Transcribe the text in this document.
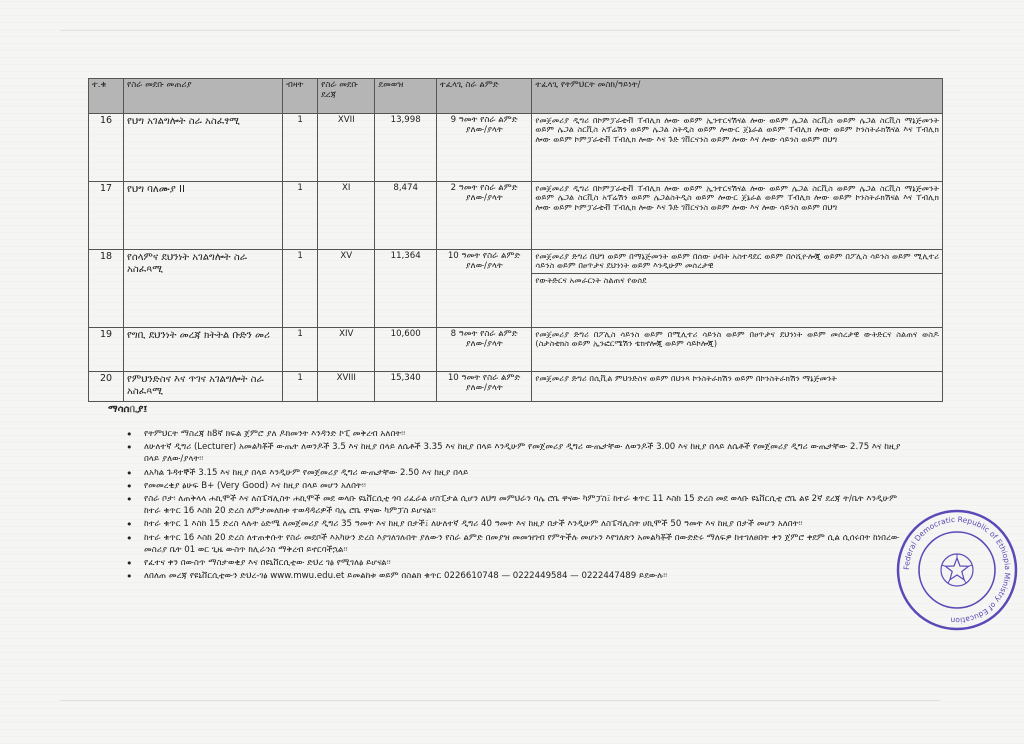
ተ.ቁ	የስራ መደቡ መጠሪያ	ብዛት	የስራ መደቡ ደረጃ	ደመወዝ	ተፈላጊ ስራ ልምድ	ተፈላጊ የትምህርት መስክ/ዓይነት/
16	የህግ አገልግሎት ስራ አስፈፃሚ	1	XVII	13,998	9 ዓመት የስራ ልምድ ያለው/ያላት	የመጀመሪያ ዲግሪ በኮምፓራቲቭ ፐብሊክ ሎው ወይም ኢንተርናሽናል ሎው ወይም ሌጋል ስርቪስ ወይም ሌጋል ስርቪስ ማኔጅመንት ወይም ሌጋል ስርቪስ አፕሬሽን ወይም ሌጋል ስትዲስ ወይም ሎውር ጀኔራል ወይም ፐብሊክ ሎው ወይም ኮንስትራክሽናል እና ፐብሊክ ሎው ወይም ኮምፓራቲቭ ፐብሊክ ሎው እና ጉድ ገቨርናንስ ወይም ሎው እና ሎው ሳይንስ ወይም በህግ
17	የህግ ባለሙያ II	1	XI	8,474	2 ዓመት የስራ ልምድ ያለው/ያላት	የመጀመሪያ ዲግሪ በኮምፓራቲቭ ፐብሊክ ሎው ወይም ኢንተርናሽናል ሎው ወይም ሌጋል ስርቪስ ወይም ሌጋል ስርቪስ ማኔጅመንት ወይም ሌጋል ስርቪስ አፕሬሽን ወይም ሌጋልስትዲስ ወይም ሎውር ጀኔራል ወይም ፐብሊክ ሎው ወይም ኮንስትራክሽናል እና ፐብሊክ ሎው ወይም ኮምፓራቲቭ ፐብሊክ ሎው እና ጉድ ገቨርናንስ ወይም ሎው እና ሎው ሳይንስ ወይም በህግ
18	የሰላምና ደህንነት አገልግሎት ስራ አስፈጻሚ	1	XV	11,364	10 ዓመት የስራ ልምድ ያለው/ያላት	የመጀመሪያ ድግሪ በህግ ወይም በማኔጅመንት ወይም በሰው ሀብት አስተዳደር ወይም በሶሺዮሎጂ ወይም በፖሊስ ሳይንስ ወይም ሚሊተሪ ሳይንስ ወይም በፀጥታና ደህንነት ወይም እንዲሁም መሰረታዊ
የውትድርና አመራርነት ስልጠና የወሰደ

19	የግቢ ደህንነት መረጃ ክትትል ቡድን መሪ	1	XIV	10,600	8 ዓመት የስራ ልምድ ያለው/ያላት	የመጀመሪያ ድግሪ በፖሊስ ሳይንስ ወይም በሚሊተሪ ሳይንስ ወይም በፀጥታና ደህንነት ወይም መሰረታዊ ውትድርና ስልጠና ወስዶ (ስታስቲክስ ወይም ኢንፎርሜሽን ቴክኖሎጂ ወይም ሳይኮሎጂ)
20	የምህንድስና እና ጥገና አገልግሎት ስራ አስፈጻሚ	1	XVIII	15,340	10 ዓመት የስራ ልምድ ያለው/ያላት	የመጀመሪያ ድግሪ በሲቪል ምህንድስና ወይም በህንጻ ኮንስትራክሽን ወይም በኮንስትራክሽን ማኔጅመንት
ማሳሰቢያ፤
• የትምህርት ማስረጃ ከ8ኛ ክፍል ጀምሮ ያለ ዶክመንት እንዳንድ ኮፒ መቅረብ አለበት፡፡
• ለሁለተኛ ዲግሪ (Lecturer) አመልካቾች ውጤት ለወንዶች 3.5 እና ከዚያ በላይ ለሴቶች 3.35 እና ከዚያ በላይ እንዲሁም የመጀመሪያ ዲግሪ ውጤታቸው ለወንዶች 3.00 እና ከዚያ በላይ ለሴቶች የመጀመሪያ ዲግሪ ውጤታቸው 2.75 እና ከዚያ በላይ ያለው/ያላት፡፡
• ለአካል ጉዳተኞች 3.15 እና ከዚያ በላይ እንዲሁም የመጀመሪያ ዲግሪ ውጤታቸው 2.50 እና ከዚያ በላይ
• የመመረቂያ ፅሁፍ B+ (Very Good) እና ከዚያ በላይ መሆን አለበት፡፡
• የስራ ቦታ፡ ለጠቅላላ ሐኪሞች እና ለስፔሻሊስት ሐኪሞች መደ ወላቡ ዩኒቨርሲቲ ጎባ ሪፈራል ሆስፒታል ሲሆን ለህግ መምህራን ባሌ ሮቤ ዋናው ካምፓስ፤ ከተራ ቁጥር 11 እስከ 15 ድረስ መደ ወላቡ ዩኒቨርሲቲ ሮቤ ልዩ 2ኛ ደረጃ ት/ቤት እንዲሁም ከተራ ቁጥር 16 እስከ 20 ድረስ ለምታመለክቱ ተወዳዳሪዎች ባሌ ሮቤ ዋናው ካምፓስ ይሆናል፡፡
• ከተራ ቁጥር 1 እስከ 15 ድረስ ላሉት ዕድሜ ለመጀመሪያ ዲግሪ 35 ዓመት እና ከዚያ በታች፤ ለሁለተኛ ዲግሪ 40 ዓመት እና ከዚያ በታች እንዲሁም ለስፔሻሊስት ሀኪሞች 50 ዓመት እና ከዚያ በታች መሆን አለበት፡፡
• ከተራ ቁጥር 16 እስከ 20 ድረስ ለተጠቀሱት የስራ መደቦች እአካሁን ድረስ እያገለገሉበት ያለውን የስራ ልምድ በመያዝ መመዝገብ የምትችሉ መሆኑን እየገለጽን አመልካቾች በውድድሩ ማለፍዎ ከተገለፀበት ቀን ጀምሮ ቀደም ሲል ሲሰሩበት ከነበረው መስሪያ ቤት 01 ወር ጊዜ ውስጥ ክሊራንስ ማቅረብ ይኖርባችኋል፡፡
• የፈተና ቀን በውስጥ ማስታወቂያ እና በዩኒቨርሲቲው ድህረ ገፅ የሚገለፅ ይሆናል፡፡
• ለበለጠ መረጃ የዩኒቨርሲቲውን ድህረ-ገፅ www.mwu.edu.et ይመልከቱ ወይም በስልክ ቁጥር 0226610748 — 0222449584 — 0222447489 ይደውሉ፡፡
Federal Democratic Republic of Ethiopia Ministry of Education
